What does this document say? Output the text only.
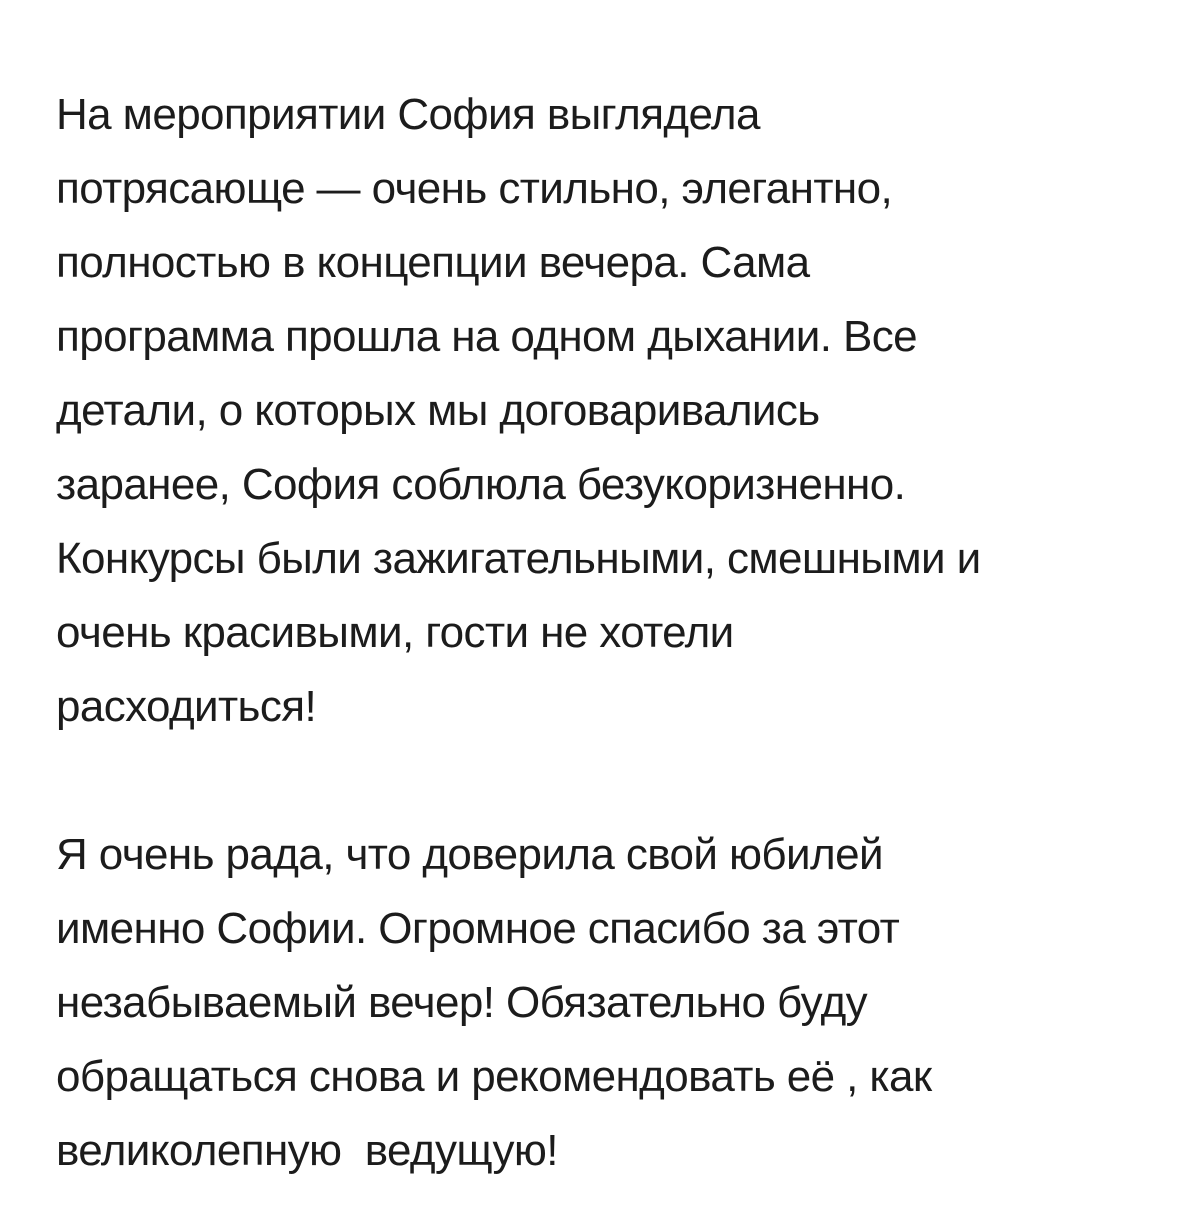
На мероприятии София выглядела
потрясающе — очень стильно, элегантно,
полностью в концепции вечера. Сама
программа прошла на одном дыхании. Все
детали, о которых мы договаривались
заранее, София соблюла безукоризненно.
Конкурсы были зажигательными, смешными и
очень красивыми, гости не хотели
расходиться!

Я очень рада, что доверила свой юбилей
именно Софии. Огромное спасибо за этот
незабываемый вечер! Обязательно буду
обращаться снова и рекомендовать её , как
великолепную  ведущую!
